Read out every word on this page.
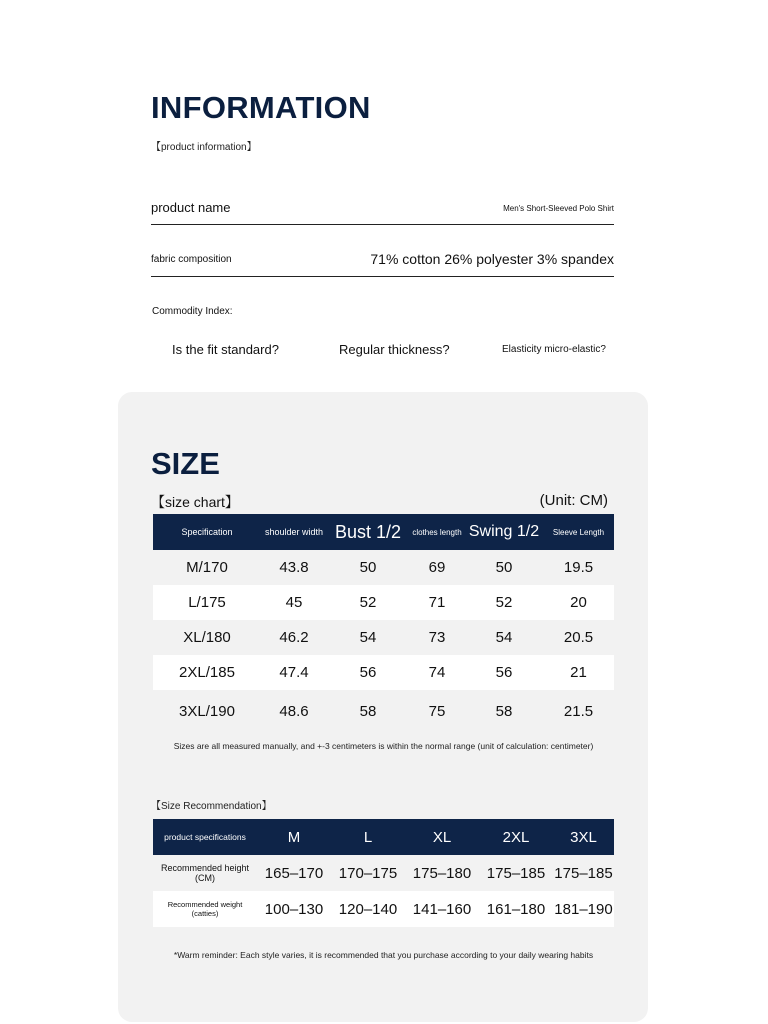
INFORMATION
【product information】
product name	Men's Short-Sleeved Polo Shirt
fabric composition	71% cotton 26% polyester 3% spandex
Commodity Index:
Is the fit standard?	Regular thickness?	Elasticity micro-elastic?
SIZE
【size chart】	(Unit: CM)
Specification	shoulder width	Bust 1/2	clothes length	Swing 1/2	Sleeve Length
M/170	43.8	50	69	50	19.5
L/175	45	52	71	52	20
XL/180	46.2	54	73	54	20.5
2XL/185	47.4	56	74	56	21
3XL/190	48.6	58	75	58	21.5
Sizes are all measured manually, and +-3 centimeters is within the normal range (unit of calculation: centimeter)
【Size Recommendation】
product specifications	M	L	XL	2XL	3XL
Recommended height (CM)	165–170	170–175	175–180	175–185	175–185
Recommended weight (catties)	100–130	120–140	141–160	161–180	181–190
*Warm reminder: Each style varies, it is recommended that you purchase according to your daily wearing habits
